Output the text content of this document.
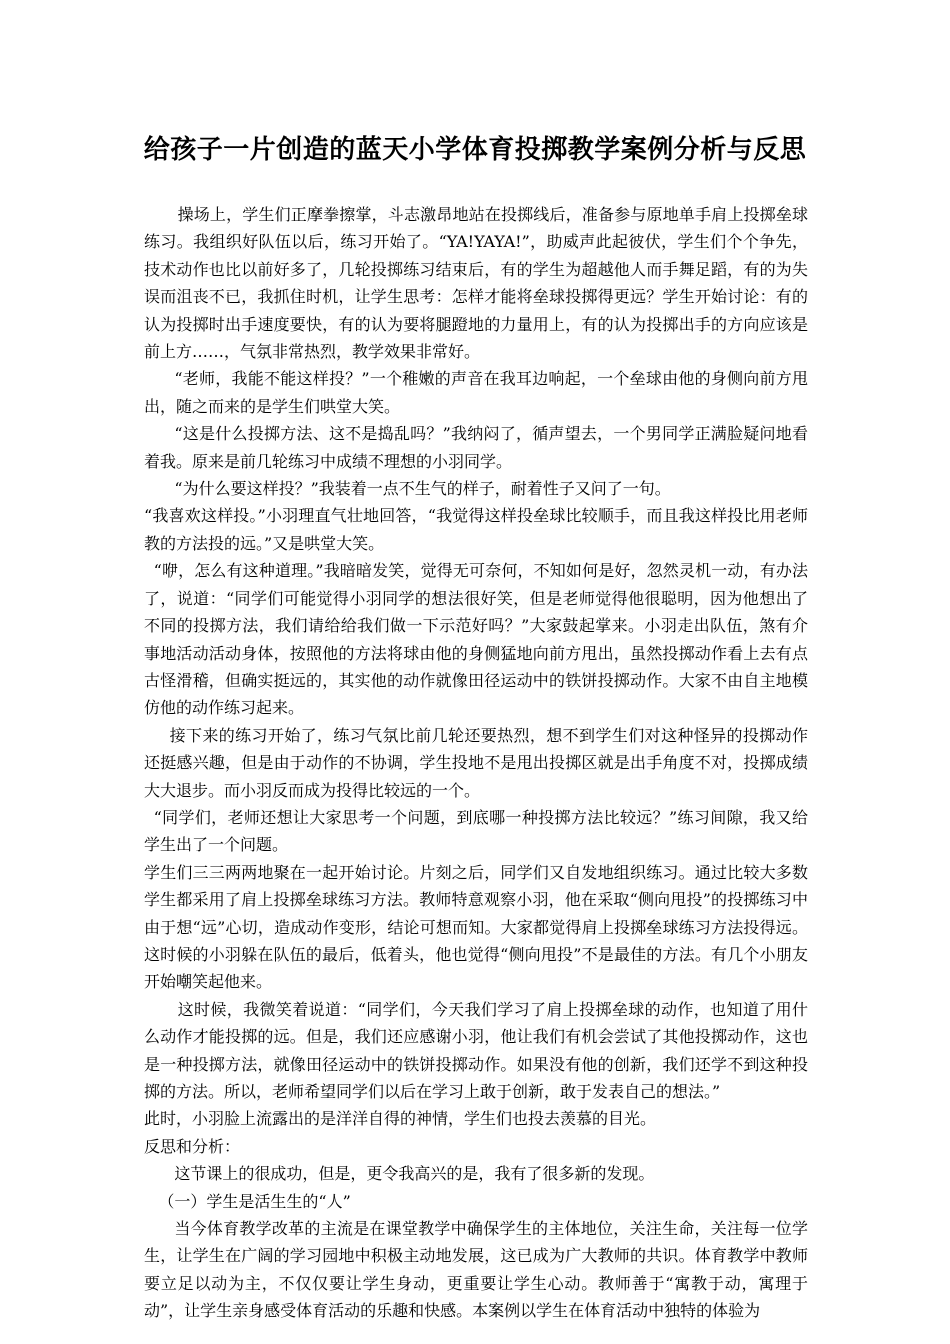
给孩子一片创造的蓝天小学体育投掷教学案例分析与反思

操场上，学生们正摩拳擦掌，斗志激昂地站在投掷线后，准备参与原地单手肩上投掷垒球练习。我组织好队伍以后，练习开始了。“YA!YAYA!”，助威声此起彼伏，学生们个个争先，技术动作也比以前好多了，几轮投掷练习结束后，有的学生为超越他人而手舞足蹈，有的为失误而沮丧不已，我抓住时机，让学生思考：怎样才能将垒球投掷得更远？学生开始讨论：有的认为投掷时出手速度要快，有的认为要将腿蹬地的力量用上，有的认为投掷出手的方向应该是前上方……，气氛非常热烈，教学效果非常好。

“老师，我能不能这样投？”一个稚嫩的声音在我耳边响起，一个垒球由他的身侧向前方甩出，随之而来的是学生们哄堂大笑。

“这是什么投掷方法、这不是捣乱吗？”我纳闷了，循声望去，一个男同学正满脸疑问地看着我。原来是前几轮练习中成绩不理想的小羽同学。

“为什么要这样投？”我装着一点不生气的样子，耐着性子又问了一句。

“我喜欢这样投。”小羽理直气壮地回答，“我觉得这样投垒球比较顺手，而且我这样投比用老师教的方法投的远。”又是哄堂大笑。

“咿，怎么有这种道理。”我暗暗发笑，觉得无可奈何，不知如何是好，忽然灵机一动，有办法了，说道：“同学们可能觉得小羽同学的想法很好笑，但是老师觉得他很聪明，因为他想出了不同的投掷方法，我们请给给我们做一下示范好吗？”大家鼓起掌来。小羽走出队伍，煞有介事地活动活动身体，按照他的方法将球由他的身侧猛地向前方甩出，虽然投掷动作看上去有点古怪滑稽，但确实挺远的，其实他的动作就像田径运动中的铁饼投掷动作。大家不由自主地模仿他的动作练习起来。

接下来的练习开始了，练习气氛比前几轮还要热烈，想不到学生们对这种怪异的投掷动作还挺感兴趣，但是由于动作的不协调，学生投地不是甩出投掷区就是出手角度不对，投掷成绩大大退步。而小羽反而成为投得比较远的一个。

“同学们，老师还想让大家思考一个问题，到底哪一种投掷方法比较远？”练习间隙，我又给学生出了一个问题。

学生们三三两两地聚在一起开始讨论。片刻之后，同学们又自发地组织练习。通过比较大多数学生都采用了肩上投掷垒球练习方法。教师特意观察小羽，他在采取“侧向甩投”的投掷练习中由于想“远”心切，造成动作变形，结论可想而知。大家都觉得肩上投掷垒球练习方法投得远。这时候的小羽躲在队伍的最后，低着头，他也觉得“侧向甩投”不是最佳的方法。有几个小朋友开始嘲笑起他来。

这时候，我微笑着说道：“同学们，今天我们学习了肩上投掷垒球的动作，也知道了用什么动作才能投掷的远。但是，我们还应感谢小羽，他让我们有机会尝试了其他投掷动作，这也是一种投掷方法，就像田径运动中的铁饼投掷动作。如果没有他的创新，我们还学不到这种投掷的方法。所以，老师希望同学们以后在学习上敢于创新，敢于发表自己的想法。”

此时，小羽脸上流露出的是洋洋自得的神情，学生们也投去羡慕的目光。

反思和分析：

这节课上的很成功，但是，更令我高兴的是，我有了很多新的发现。

（一）学生是活生生的“人”

当今体育教学改革的主流是在课堂教学中确保学生的主体地位，关注生命，关注每一位学生，让学生在广阔的学习园地中积极主动地发展，这已成为广大教师的共识。体育教学中教师要立足以动为主，不仅仅要让学生身动，更重要让学生心动。教师善于“寓教于动，寓理于动”，让学生亲身感受体育活动的乐趣和快感。本案例以学生在体育活动中独特的体验为
